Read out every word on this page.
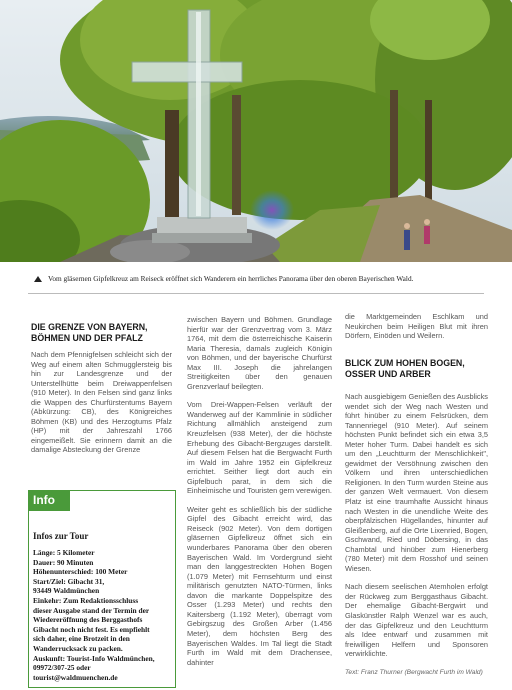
Vom gläsernen Gipfelkreuz am Reiseck eröffnet sich Wanderern ein herrliches Panorama über den oberen Bayerischen Wald.
DIE GRENZE VON BAYERN, BÖHMEN UND DER PFALZ

Nach dem Pfennigfelsen schleicht sich der Weg auf einem alten Schmugglersteig bis hin zur Landesgrenze und der Unterstellhütte beim Dreiwappenfelsen (910 Meter). In den Felsen sind ganz links die Wappen des Churfürstentums Bayern (Abkürzung: CB), des Königreiches Böhmen (KB) und des Herzogtums Pfalz (HP) mit der Jahreszahl 1766 eingemeißelt. Sie erinnern damit an die damalige Absteckung der Grenze

Info
Infos zur Tour
Länge: 5 Kilometer
Dauer: 90 Minuten
Höhenunterschied: 100 Meter
Start/Ziel: Gibacht 31,
93449 Waldmünchen
Einkehr: Zum Redaktionsschluss
dieser Ausgabe stand der Termin der
Wiedereröffnung des Berggasthofs
Gibacht noch nicht fest. Es empfiehlt
sich daher, eine Brotzeit in den
Wanderrucksack zu packen.
Auskunft: Tourist-Info Waldmünchen,
09972/307-25 oder
tourist@waldmuenchen.de

zwischen Bayern und Böhmen. Grundlage hierfür war der Grenzvertrag vom 3. März 1764, mit dem die österreichische Kaiserin Maria Theresia, damals zugleich Königin von Böhmen, und der bayerische Churfürst Max III. Joseph die jahrelangen Streitigkeiten über den genauen Grenzverlauf beilegten.

Vom Drei-Wappen-Felsen verläuft der Wanderweg auf der Kammlinie in südlicher Richtung allmählich ansteigend zum Kreuzfelsen (938 Meter), der die höchste Erhebung des Gibacht-Bergzuges darstellt. Auf diesem Felsen hat die Bergwacht Furth im Wald im Jahre 1952 ein Gipfelkreuz errichtet. Seither liegt dort auch ein Gipfelbuch parat, in dem sich die Einheimische und Touristen gern verewigen.

Weiter geht es schließlich bis der südliche Gipfel des Gibacht erreicht wird, das Reiseck (902 Meter). Von dem dortigen gläsernen Gipfelkreuz öffnet sich ein wunderbares Panorama über den oberen Bayerischen Wald. Im Vordergrund sieht man den langgestreckten Hohen Bogen (1.079 Meter) mit Fernsehturm und einst militärisch genutzten NATO-Türmen, links davon die markante Doppelspitze des Osser (1.293 Meter) und rechts den Kaitersberg (1.192 Meter), überragt vom Gebirgszug des Großen Arber (1.456 Meter), dem höchsten Berg des Bayerischen Waldes. Im Tal liegt die Stadt Furth im Wald mit dem Drachensee, dahinter

die Marktgemeinden Eschlkam und Neukirchen beim Heiligen Blut mit ihren Dörfern, Einöden und Weilern.

BLICK ZUM HOHEN BOGEN, OSSER UND ARBER

Nach ausgiebigem Genießen des Ausblicks wendet sich der Weg nach Westen und führt hinüber zu einem Felsrücken, dem Tannenriegel (910 Meter). Auf seinem höchsten Punkt befindet sich ein etwa 3,5 Meter hoher Turm. Dabei handelt es sich um den „Leuchtturm der Menschlichkeit", gewidmet der Versöhnung zwischen den Völkern und ihren unterschiedlichen Religionen. In den Turm wurden Steine aus der ganzen Welt vermauert. Von diesem Platz ist eine traumhafte Aussicht hinaus nach Westen in die unendliche Weite des oberpfälzischen Hügellandes, hinunter auf Gleißenberg, auf die Orte Lixenried, Bogen, Gschwand, Ried und Döbersing, in das Chambtal und hinüber zum Hienerberg (780 Meter) mit dem Rosshof und seinen Wiesen.

Nach diesem seelischen Atemholen erfolgt der Rückweg zum Berggasthaus Gibacht. Der ehemalige Gibacht-Bergwirt und Glaskünstler Ralph Wenzel war es auch, der das Gipfelkreuz und den Leuchtturm als Idee entwarf und zusammen mit freiwilligen Helfern und Sponsoren verwirklichte.

Text: Franz Thurner (Bergwacht Furth im Wald)
